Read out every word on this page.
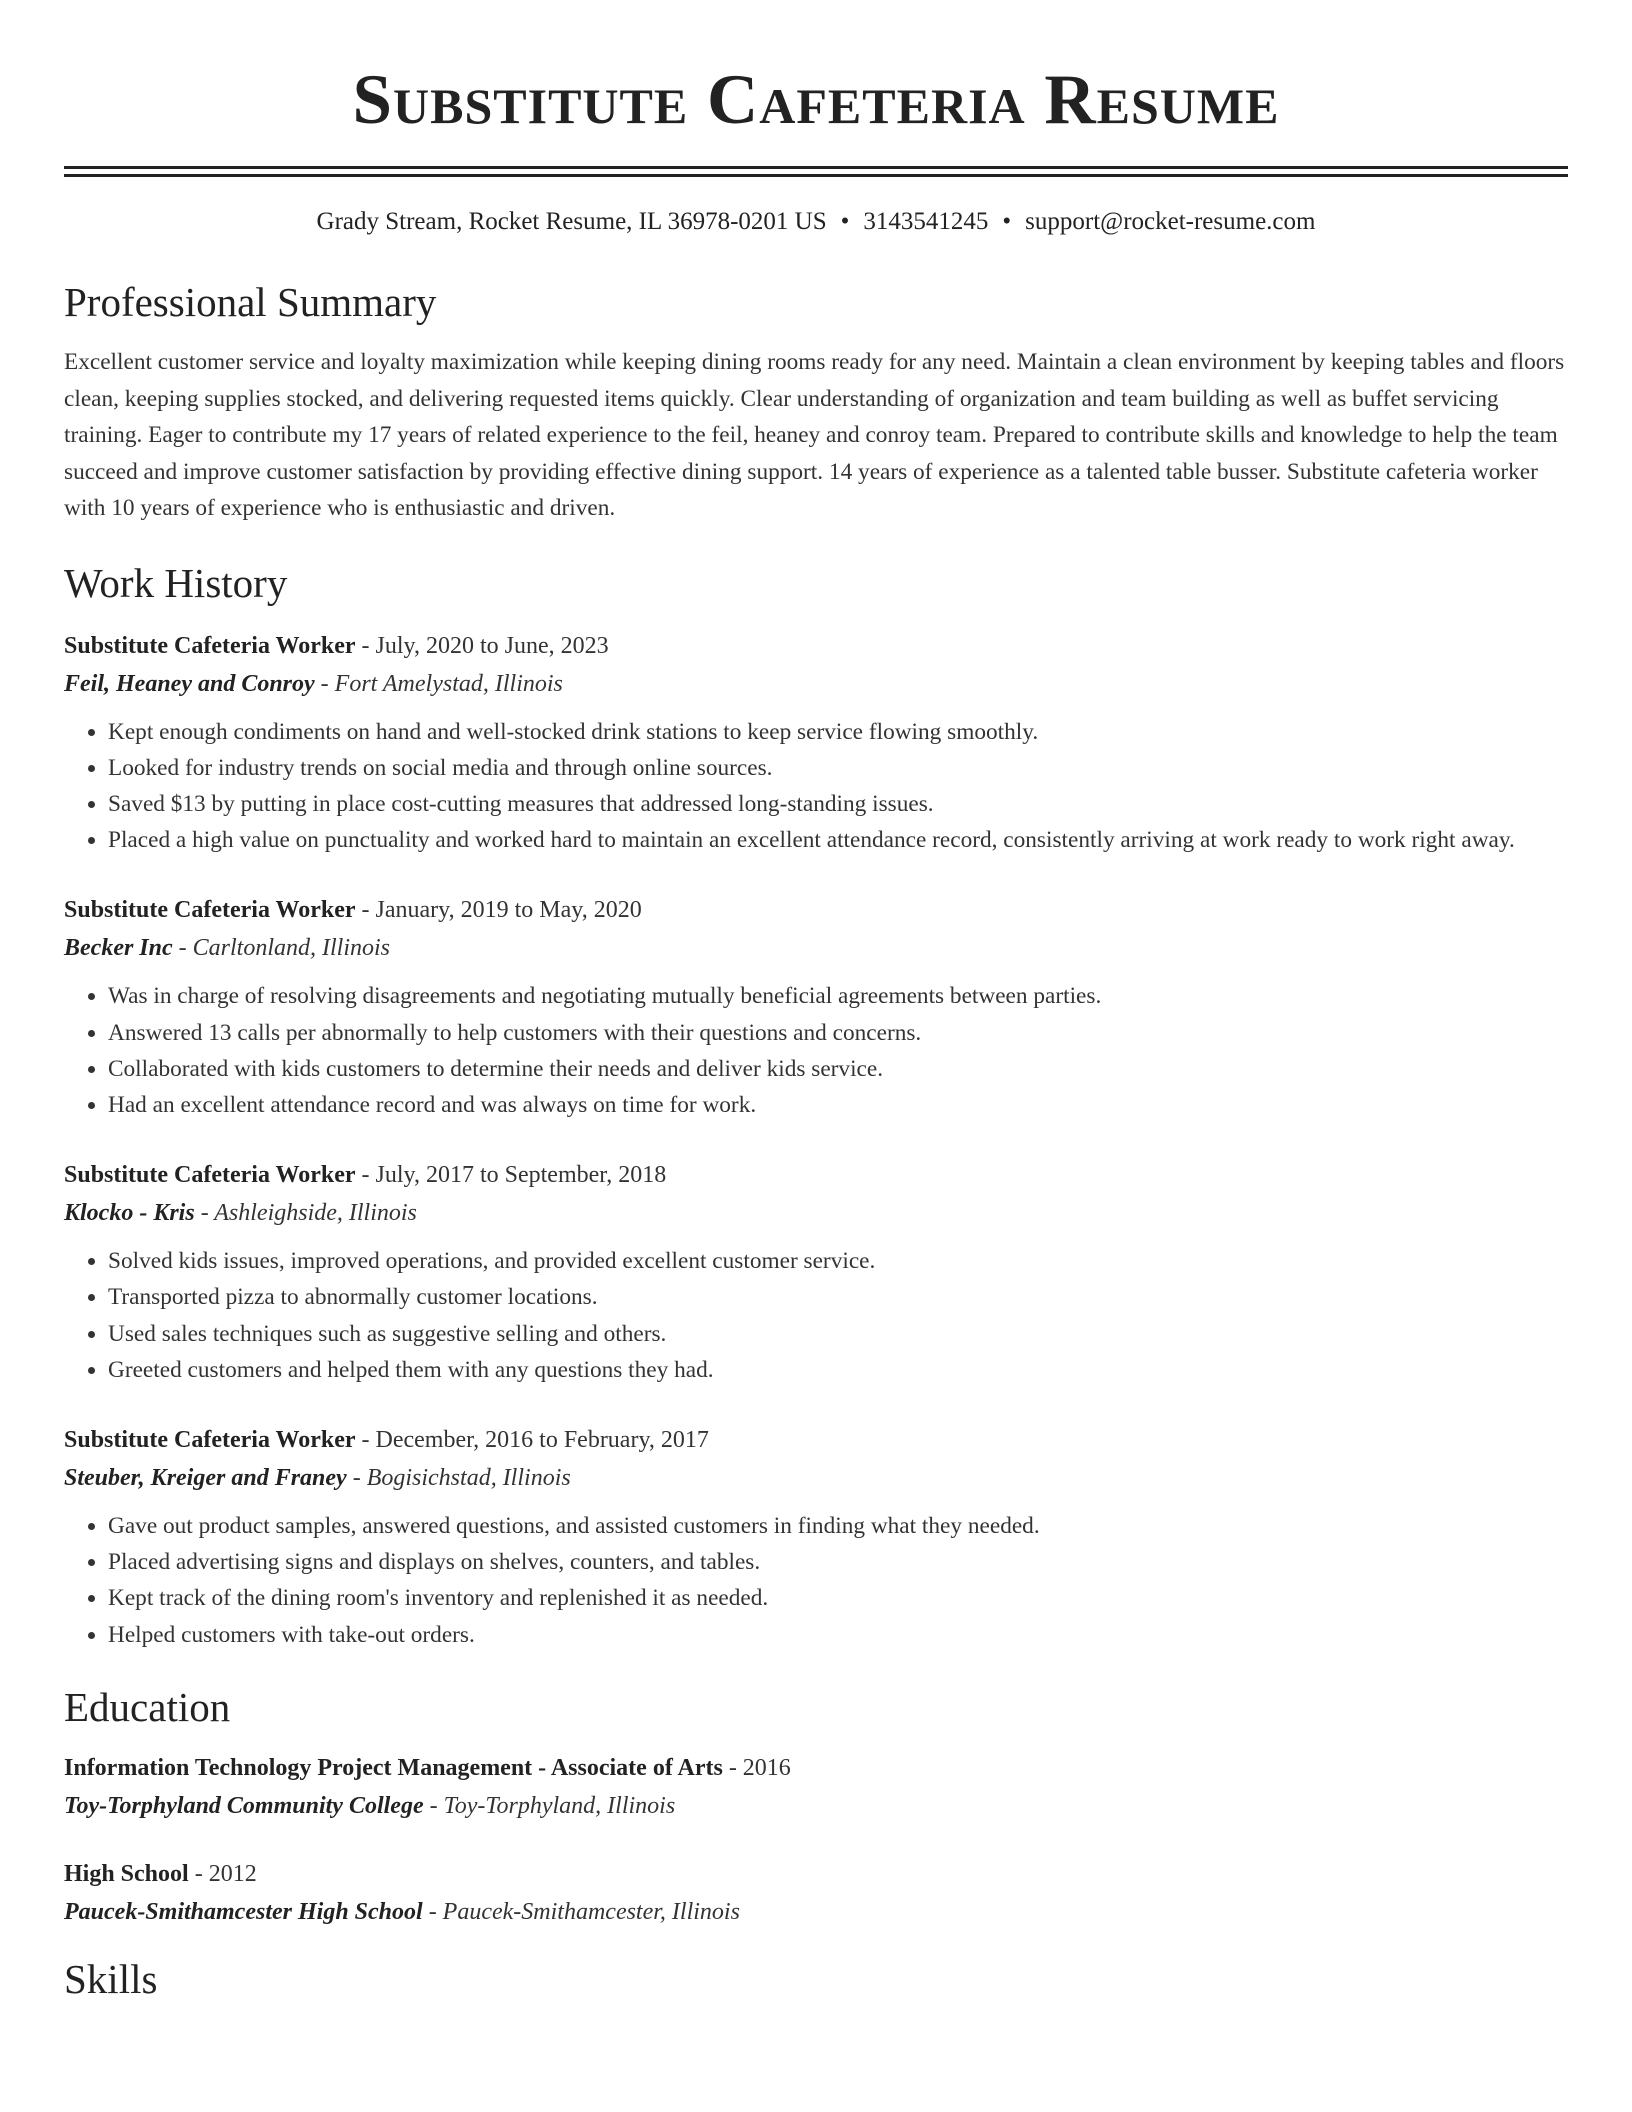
Substitute Cafeteria Resume
Grady Stream, Rocket Resume, IL 36978-0201 US • 3143541245 • support@rocket-resume.com
Professional Summary

Excellent customer service and loyalty maximization while keeping dining rooms ready for any need. Maintain a clean environment by keeping tables and floors clean, keeping supplies stocked, and delivering requested items quickly. Clear understanding of organization and team building as well as buffet servicing training. Eager to contribute my 17 years of related experience to the feil, heaney and conroy team. Prepared to contribute skills and knowledge to help the team succeed and improve customer satisfaction by providing effective dining support. 14 years of experience as a talented table busser. Substitute cafeteria worker with 10 years of experience who is enthusiastic and driven.

Work History
Substitute Cafeteria Worker - July, 2020 to June, 2023
Feil, Heaney and Conroy - Fort Amelystad, Illinois
• Kept enough condiments on hand and well-stocked drink stations to keep service flowing smoothly.
• Looked for industry trends on social media and through online sources.
• Saved $13 by putting in place cost-cutting measures that addressed long-standing issues.
• Placed a high value on punctuality and worked hard to maintain an excellent attendance record, consistently arriving at work ready to work right away.
Substitute Cafeteria Worker - January, 2019 to May, 2020
Becker Inc - Carltonland, Illinois
• Was in charge of resolving disagreements and negotiating mutually beneficial agreements between parties.
• Answered 13 calls per abnormally to help customers with their questions and concerns.
• Collaborated with kids customers to determine their needs and deliver kids service.
• Had an excellent attendance record and was always on time for work.
Substitute Cafeteria Worker - July, 2017 to September, 2018
Klocko - Kris - Ashleighside, Illinois
• Solved kids issues, improved operations, and provided excellent customer service.
• Transported pizza to abnormally customer locations.
• Used sales techniques such as suggestive selling and others.
• Greeted customers and helped them with any questions they had.
Substitute Cafeteria Worker - December, 2016 to February, 2017
Steuber, Kreiger and Franey - Bogisichstad, Illinois
• Gave out product samples, answered questions, and assisted customers in finding what they needed.
• Placed advertising signs and displays on shelves, counters, and tables.
• Kept track of the dining room's inventory and replenished it as needed.
• Helped customers with take-out orders.
Education
Information Technology Project Management - Associate of Arts - 2016
Toy-Torphyland Community College - Toy-Torphyland, Illinois
High School - 2012
Paucek-Smithamcester High School - Paucek-Smithamcester, Illinois
Skills
